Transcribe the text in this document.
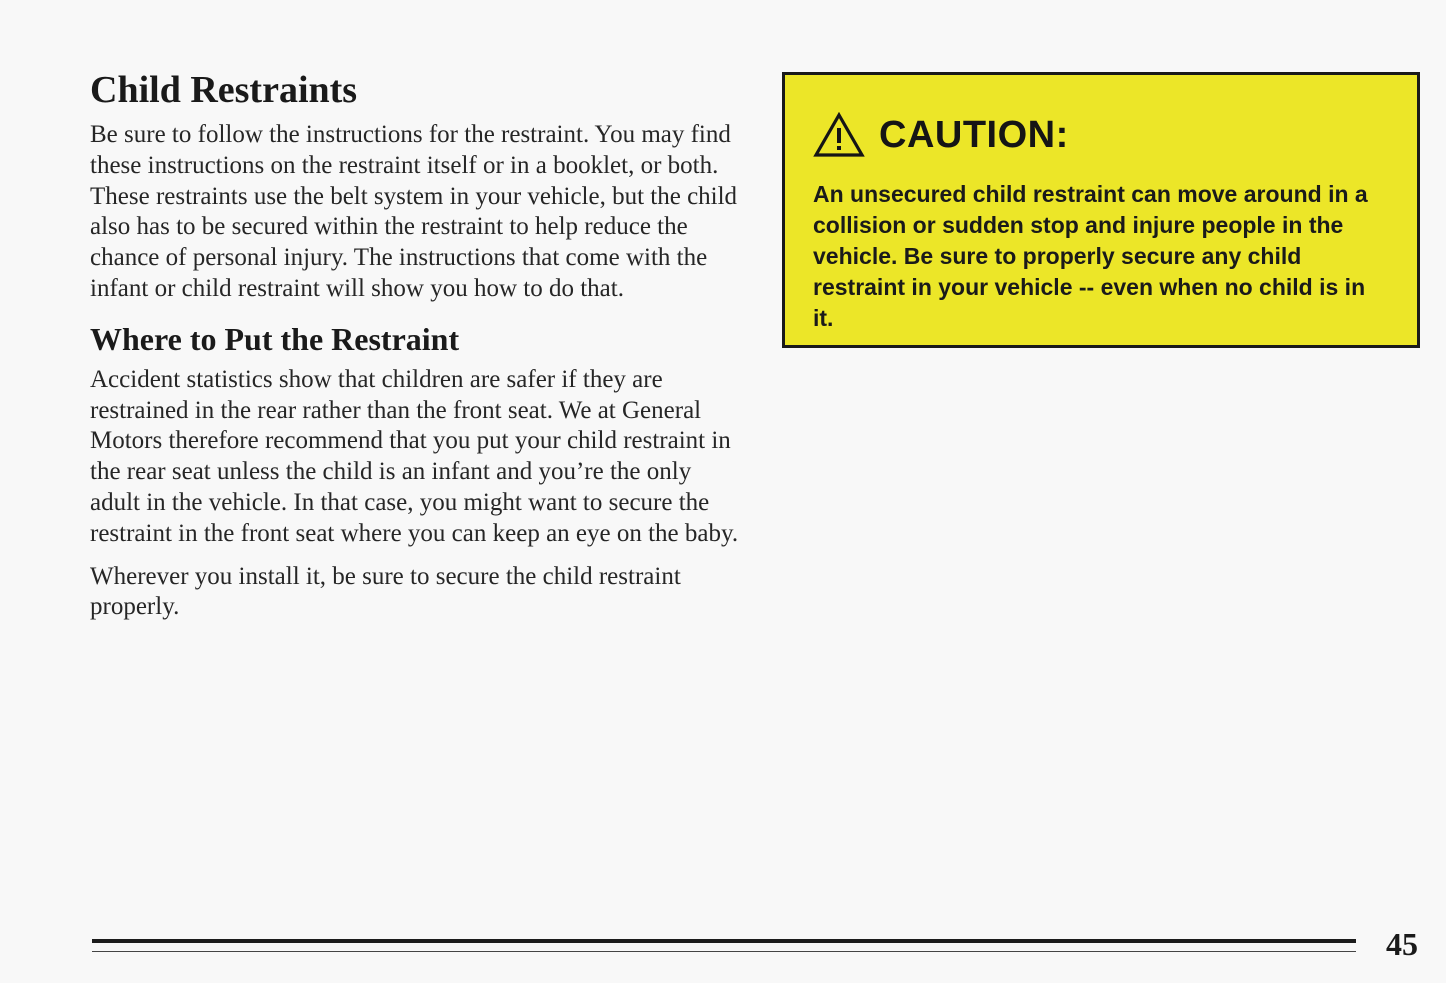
Child Restraints

Be sure to follow the instructions for the restraint. You may find these instructions on the restraint itself or in a booklet, or both. These restraints use the belt system in your vehicle, but the child also has to be secured within the restraint to help reduce the chance of personal injury. The instructions that come with the infant or child restraint will show you how to do that.

Where to Put the Restraint

Accident statistics show that children are safer if they are restrained in the rear rather than the front seat. We at General Motors therefore recommend that you put your child restraint in the rear seat unless the child is an infant and you’re the only adult in the vehicle. In that case, you might want to secure the restraint in the front seat where you can keep an eye on the baby.

Wherever you install it, be sure to secure the child restraint properly.

CAUTION:

An unsecured child restraint can move around in a collision or sudden stop and injure people in the vehicle. Be sure to properly secure any child restraint in your vehicle -- even when no child is in it.

45
